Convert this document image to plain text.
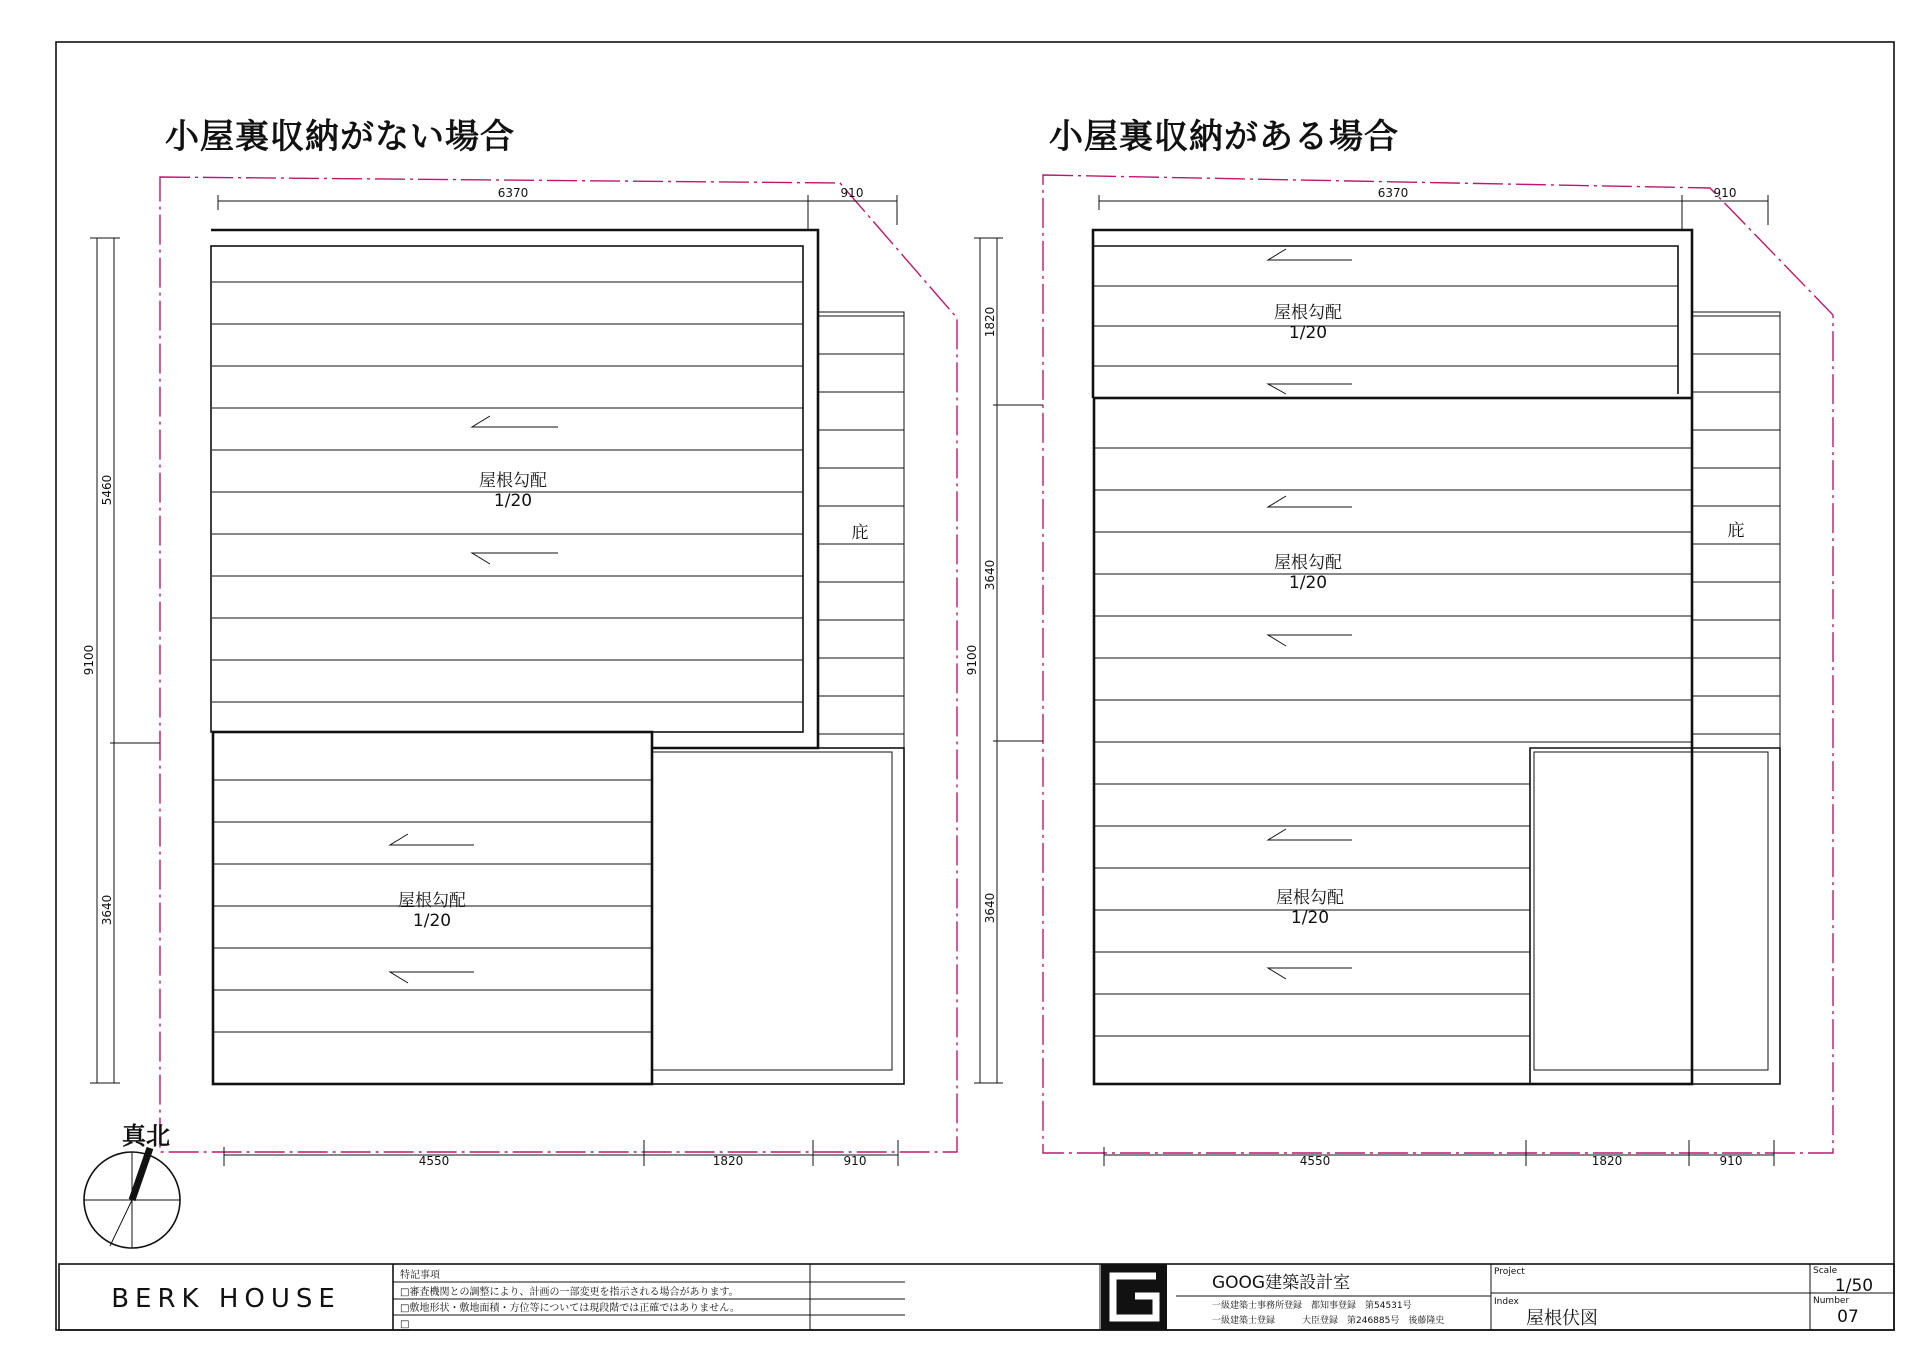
小屋裏収納がない場合
屋根勾配
1/20
屋根勾配
1/20
庇
6370	910
5460
9100
3640
4550	1820	910
真北
小屋裏収納がある場合
屋根勾配
1/20
屋根勾配
1/20
屋根勾配
1/20
庇
6370	910
1820
9100
3640
3640
4550	1820	910
BERK HOUSE
特記事項
□審査機関との調整により、計画の一部変更を指示される場合があります。
□敷地形状・敷地面積・方位等については現段階では正確ではありません。
□
GOOG建築設計室
一級建築士事務所登録　都知事登録　第54531号
一級建築士登録　　　大臣登録　第246885号　後藤隆史
Project
Index
屋根伏図
Scale
1/50
Number
07
